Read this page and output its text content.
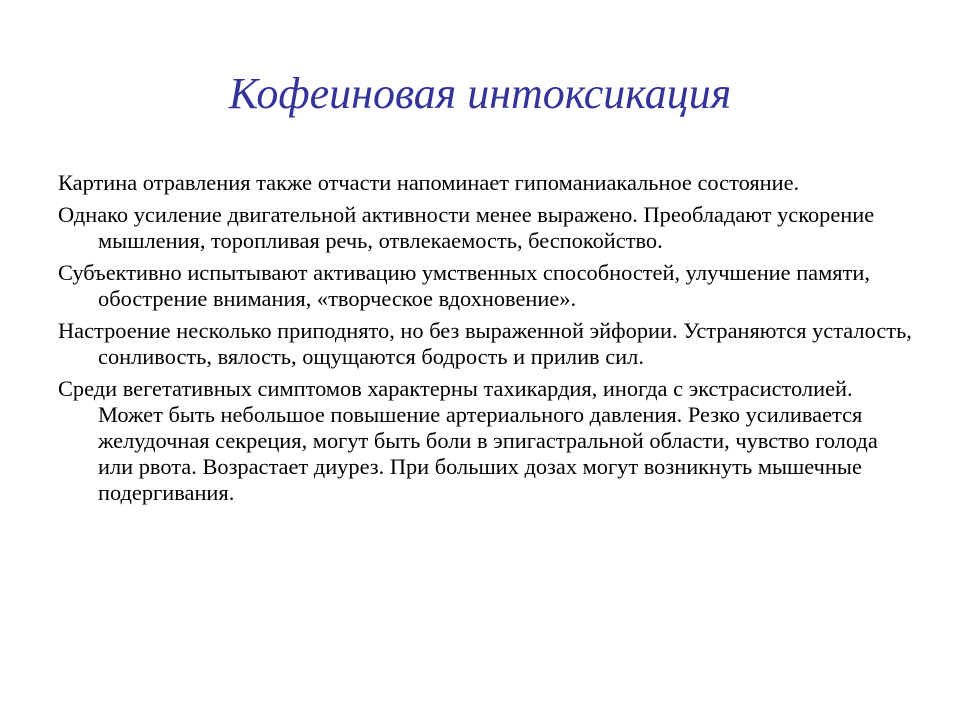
Кофеиновая интоксикация
Картина отравления также отчасти напоминает гипоманиакальное состояние.
Однако усиление двигательной активности менее выражено. Преобладают ускорение мышления, торопливая речь, отвлекаемость, беспокойство.
Субъективно испытывают активацию умственных способностей, улучшение памяти, обострение внимания, «творческое вдохновение».
Настроение несколько приподнято, но без выраженной эйфории. Устраняются усталость, сонливость, вялость, ощущаются бодрость и прилив сил.
Среди вегетативных симптомов характерны тахикардия, иногда с экстрасистолией. Может быть небольшое повышение артериального давления. Резко усиливается желудочная секреция, могут быть боли в эпигастральной области, чувство голода или рвота. Возрастает диурез. При больших дозах могут возникнуть мышечные подергивания.
